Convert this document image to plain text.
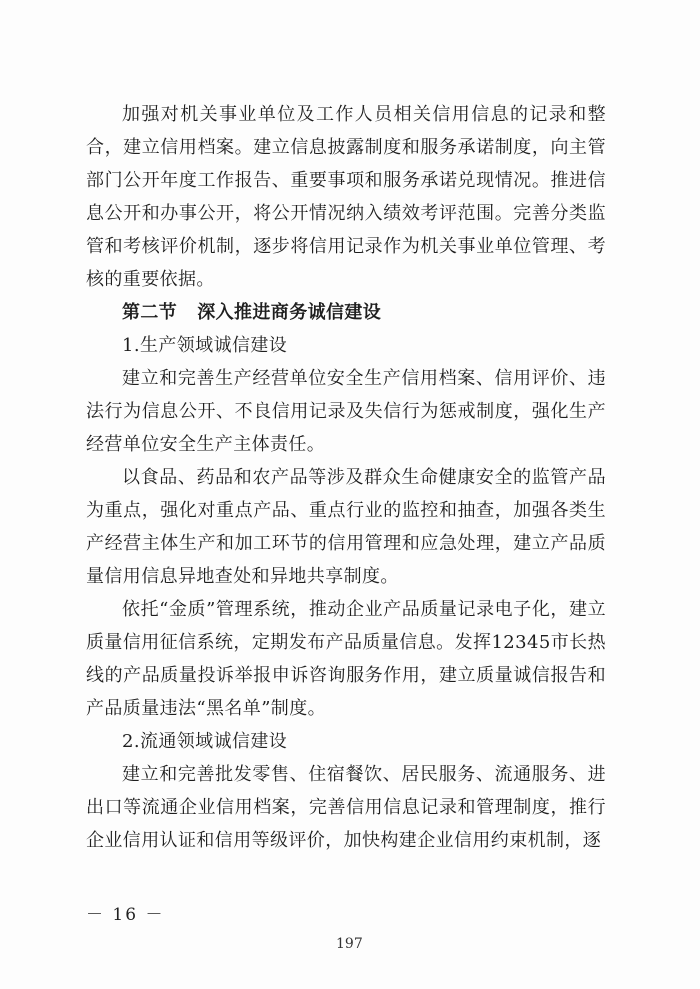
加强对机关事业单位及工作人员相关信用信息的记录和整合，建立信用档案。建立信息披露制度和服务承诺制度，向主管部门公开年度工作报告、重要事项和服务承诺兑现情况。推进信息公开和办事公开，将公开情况纳入绩效考评范围。完善分类监管和考核评价机制，逐步将信用记录作为机关事业单位管理、考核的重要依据。

第二节 深入推进商务诚信建设

1.生产领域诚信建设

建立和完善生产经营单位安全生产信用档案、信用评价、违法行为信息公开、不良信用记录及失信行为惩戒制度，强化生产经营单位安全生产主体责任。

以食品、药品和农产品等涉及群众生命健康安全的监管产品为重点，强化对重点产品、重点行业的监控和抽查，加强各类生产经营主体生产和加工环节的信用管理和应急处理，建立产品质量信用信息异地查处和异地共享制度。

依托“金质”管理系统，推动企业产品质量记录电子化，建立质量信用征信系统，定期发布产品质量信息。发挥12345市长热线的产品质量投诉举报申诉咨询服务作用，建立质量诚信报告和产品质量违法“黑名单”制度。

2.流通领域诚信建设

建立和完善批发零售、住宿餐饮、居民服务、流通服务、进出口等流通企业信用档案，完善信用信息记录和管理制度，推行企业信用认证和信用等级评价，加快构建企业信用约束机制，逐

－ 16 －
197
